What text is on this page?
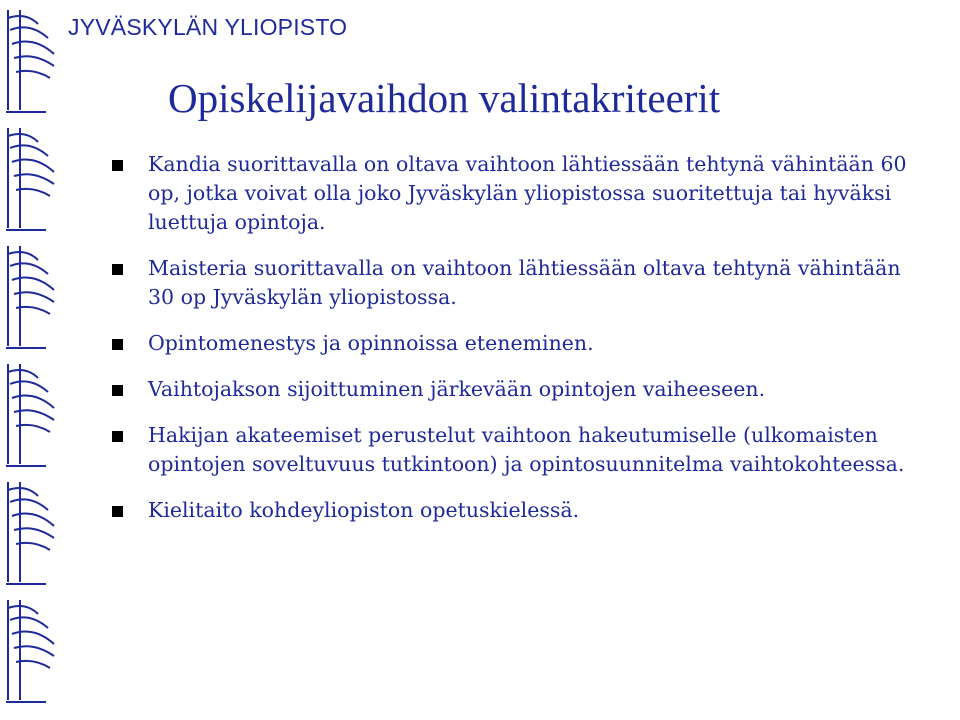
JYVÄSKYLÄN YLIOPISTO
Opiskelijavaihdon valintakriteerit
Kandia suorittavalla on oltava vaihtoon lähtiessään tehtynä vähintään 60 op, jotka voivat olla joko Jyväskylän yliopistossa suoritettuja tai hyväksi luettuja opintoja.
Maisteria suorittavalla on vaihtoon lähtiessään oltava tehtynä vähintään 30 op Jyväskylän yliopistossa.
Opintomenestys ja opinnoissa eteneminen.
Vaihtojakson sijoittuminen järkevään opintojen vaiheeseen.
Hakijan akateemiset perustelut vaihtoon hakeutumiselle (ulkomaisten opintojen soveltuvuus tutkintoon) ja opintosuunnitelma vaihtokohteessa.
Kielitaito kohdeyliopiston opetuskielessä.
